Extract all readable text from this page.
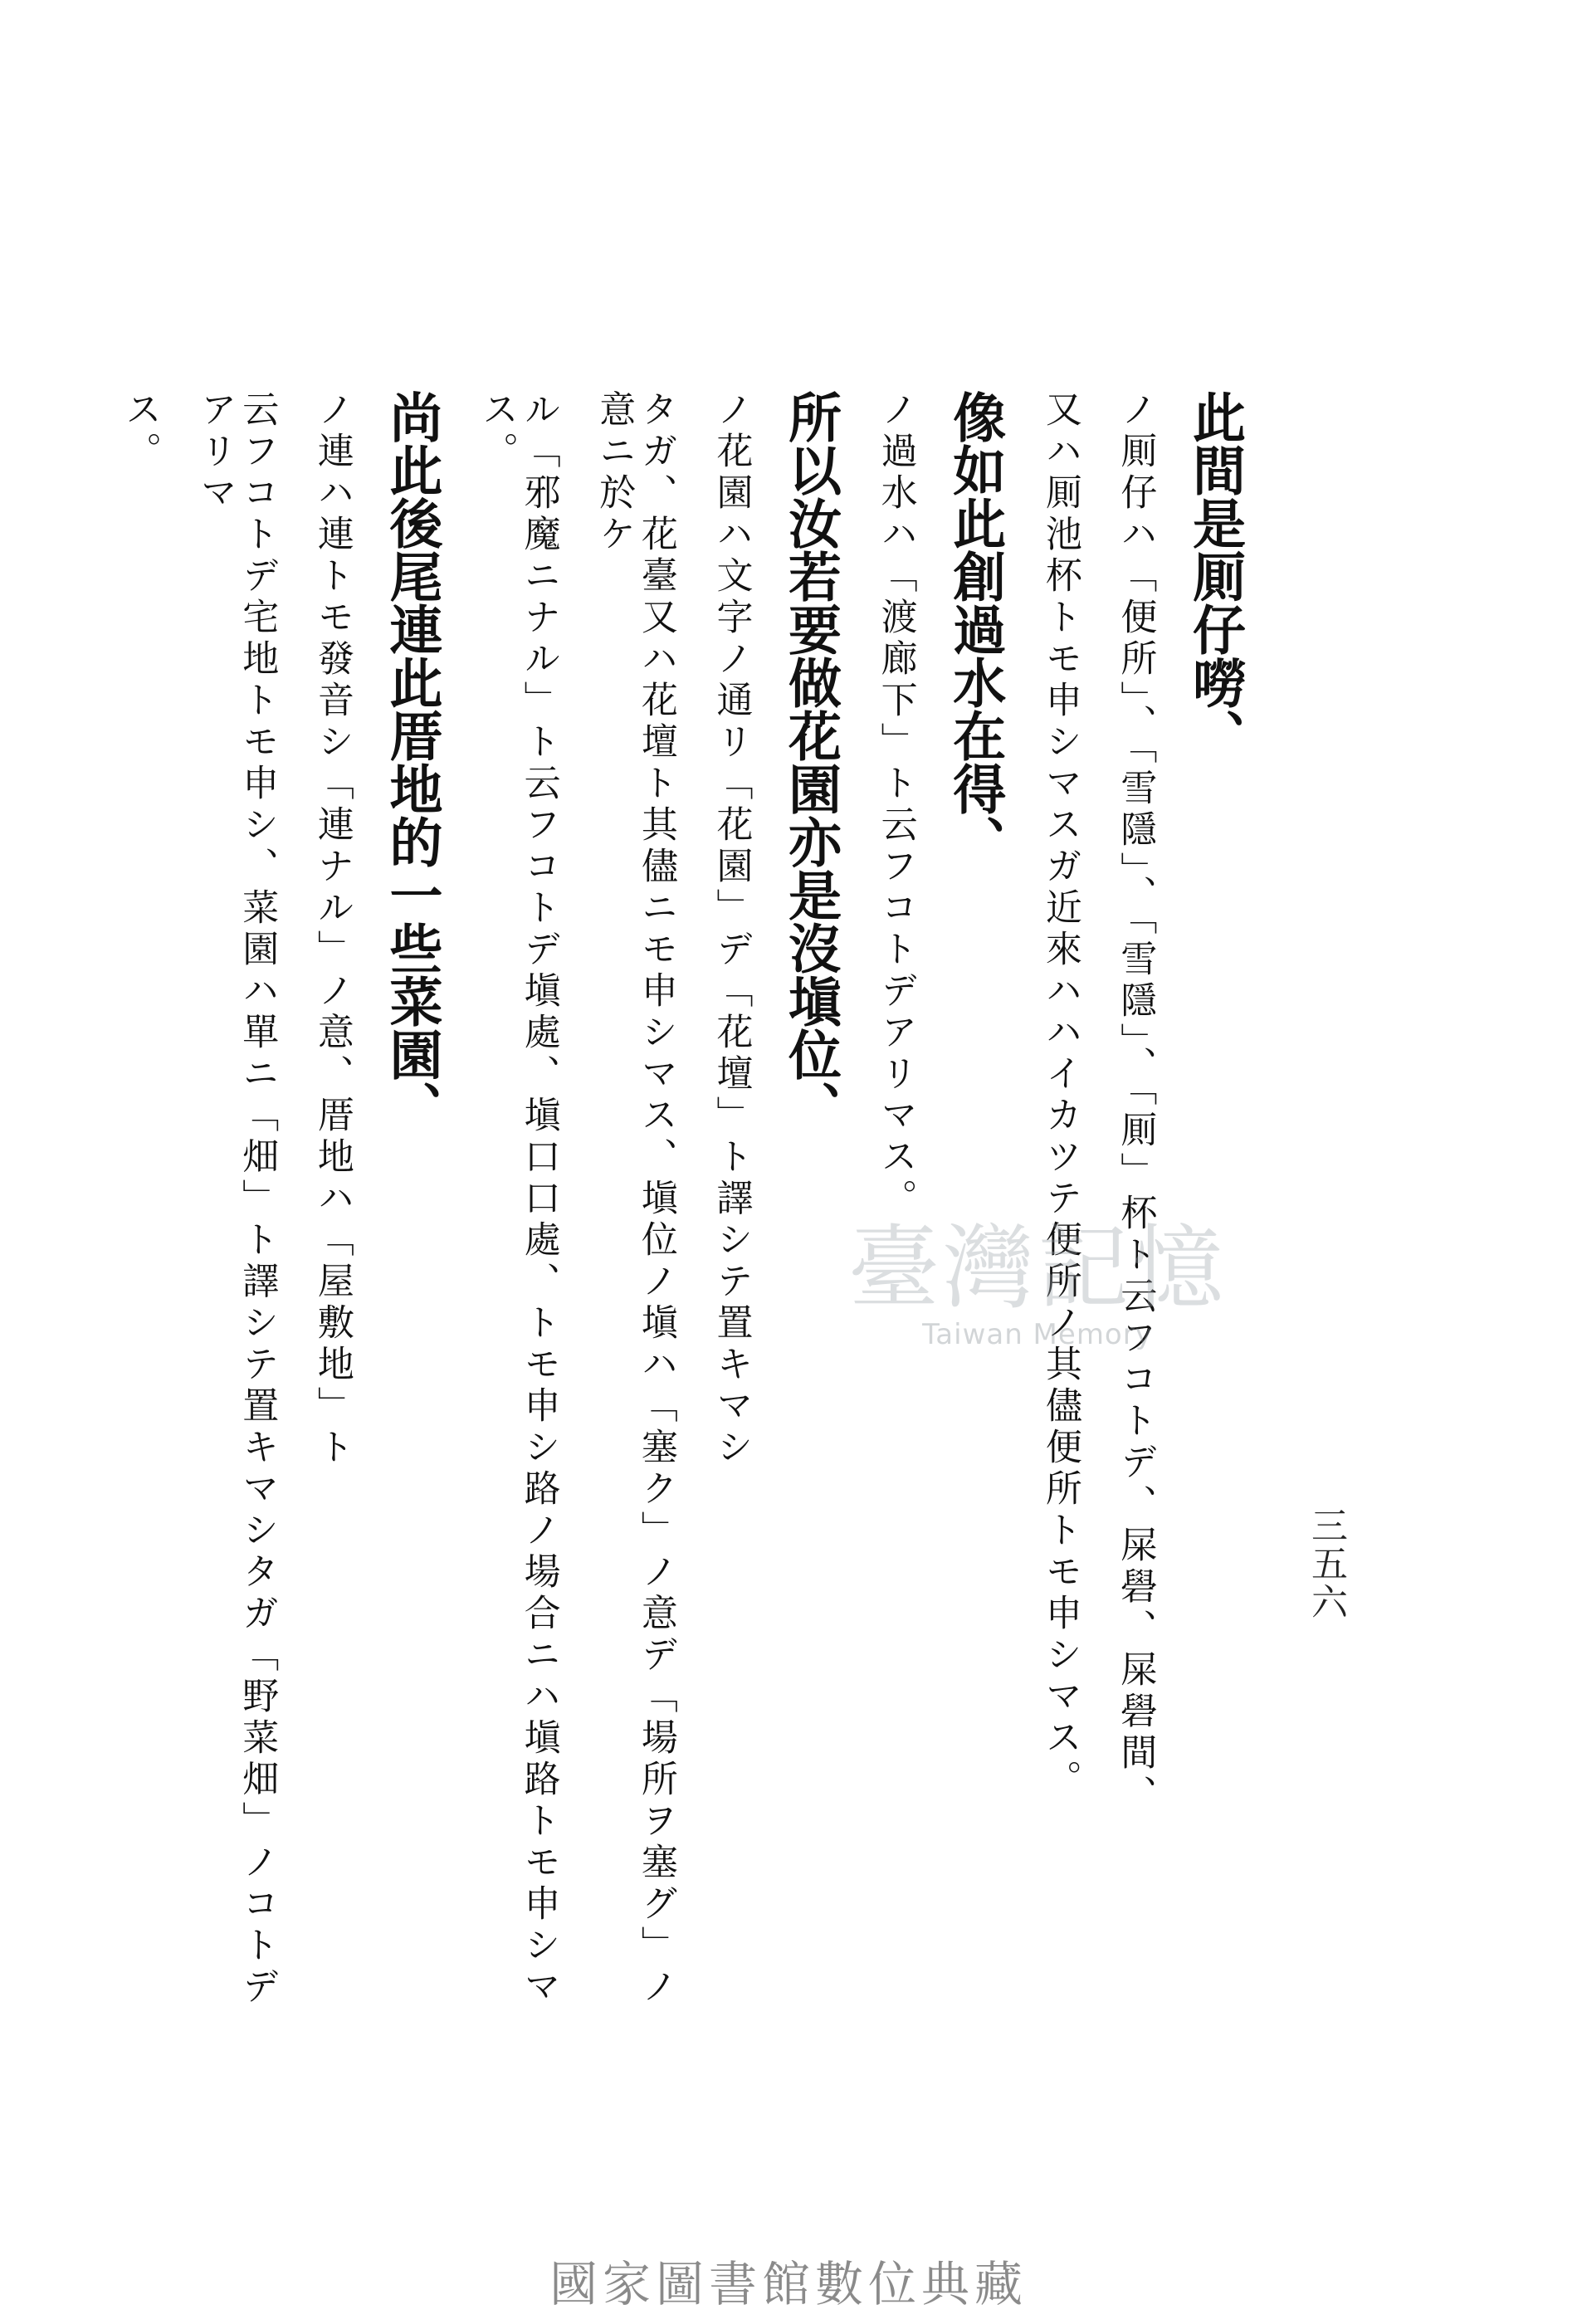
三五六
此間是厠仔嘮、
ノ厠仔ハ「便所」、「雪隱」、「雪隱」、「厠」杯ト云フコトデ、屎礐、屎礐間、
又ハ厠池杯トモ申シマスガ近來ハハイカツテ便所ノ其儘便所トモ申シマス。
像如此創過水在得、
ノ過水ハ「渡廊下」ト云フコトデアリマス。
所以汝若要做花園亦是沒塡位、
ノ花園ハ文字ノ通リ「花園」デ「花壇」ト譯シテ置キマシ
タガ、花臺又ハ花壇ト其儘ニモ申シマス、塡位ノ塡ハ「塞ク」ノ意デ「場所ヲ塞グ」ノ意ニ於ケ
ル「邪魔ニナル」ト云フコトデ塡處、塡口口處、トモ申シ路ノ場合ニハ塡路トモ申シマス。
尚此後尾連此厝地的一些菜園、
ノ連ハ連トモ發音シ「連ナル」ノ意、厝地ハ「屋敷地」ト
云フコトデ宅地トモ申シ、菜園ハ單ニ「畑」ト譯シテ置キマシタガ「野菜畑」ノコトデアリマ
ス。
臺灣記憶
Taiwan Memory
國家圖書館數位典藏
